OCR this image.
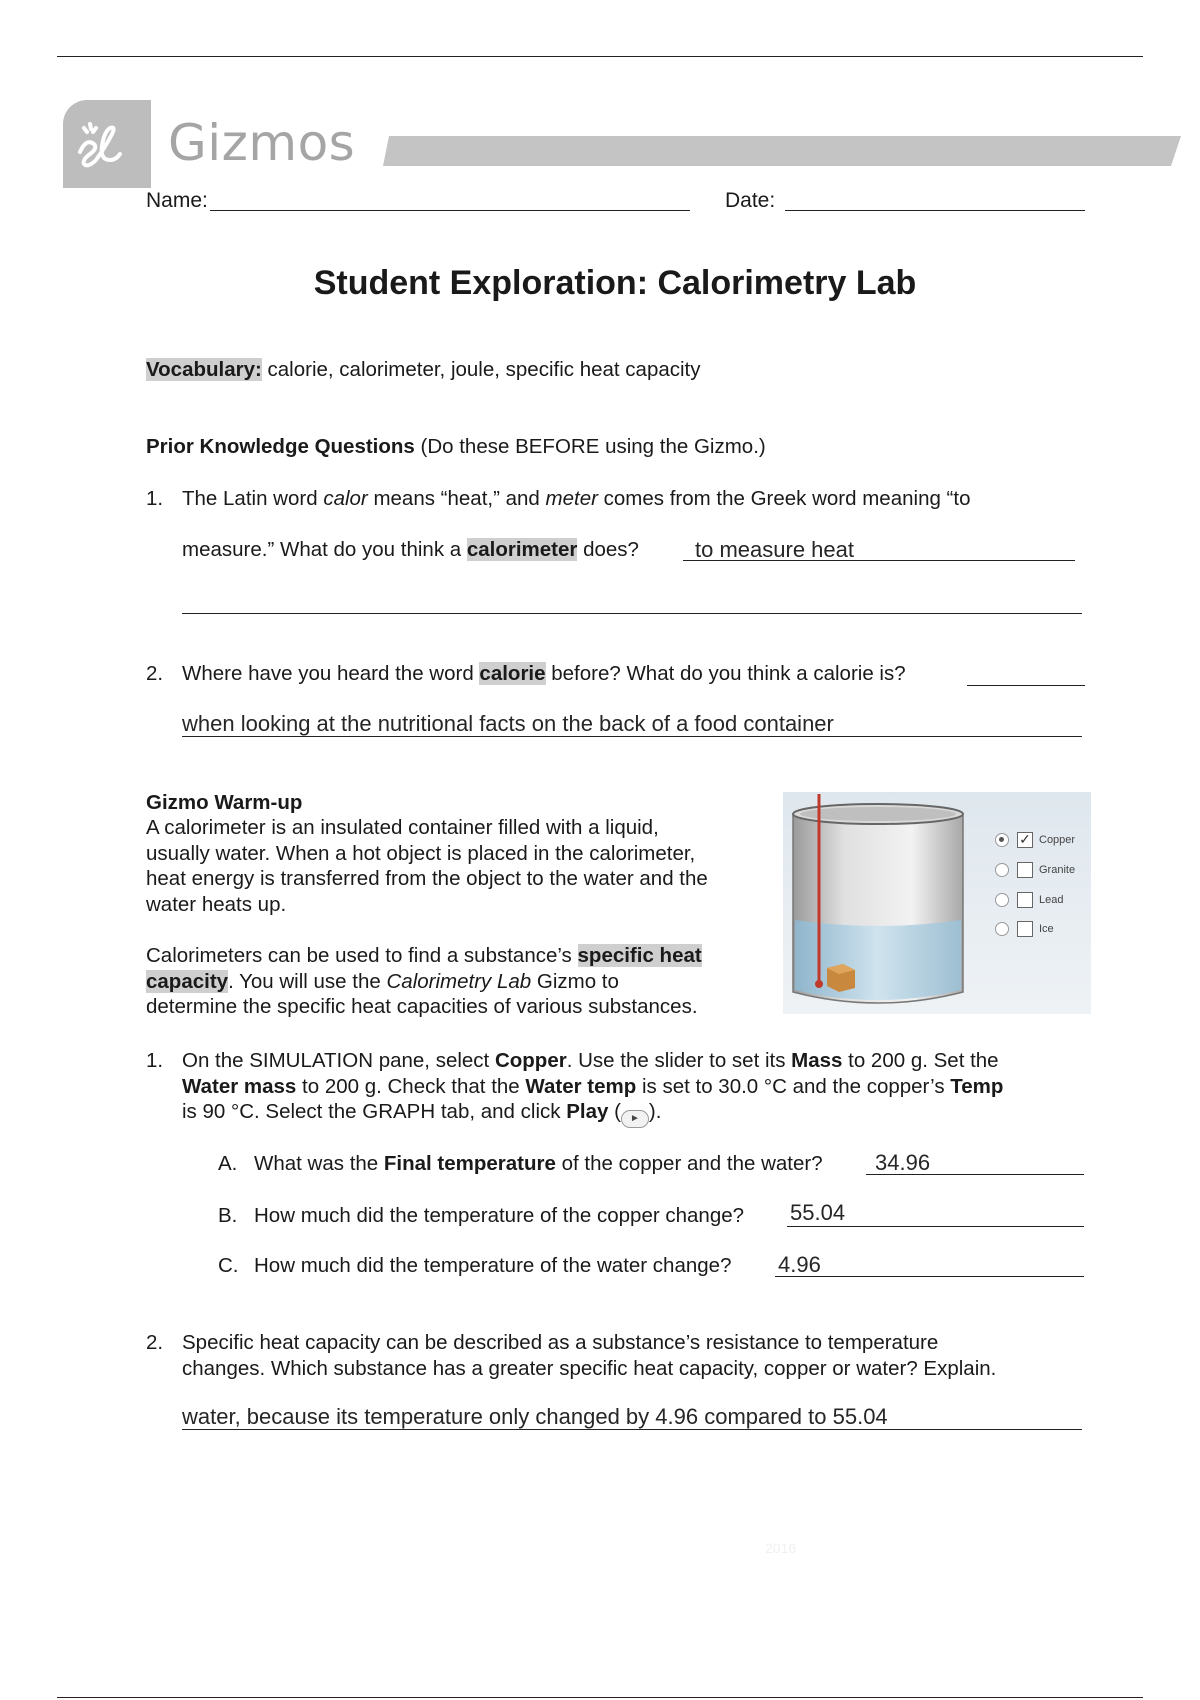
Gizmos
Name:	Date:
Student Exploration: Calorimetry Lab
Vocabulary: calorie, calorimeter, joule, specific heat capacity
Prior Knowledge Questions (Do these BEFORE using the Gizmo.)
1. The Latin word calor means “heat,” and meter comes from the Greek word meaning “to
measure.” What do you think a calorimeter does?	to measure heat
2. Where have you heard the word calorie before? What do you think a calorie is?
when looking at the nutritional facts on the back of a food container
Gizmo Warm-up
A calorimeter is an insulated container filled with a liquid,
usually water. When a hot object is placed in the calorimeter,
heat energy is transferred from the object to the water and the
water heats up.
Calorimeters can be used to find a substance’s specific heat
capacity. You will use the Calorimetry Lab Gizmo to
determine the specific heat capacities of various substances.
✓ Copper
Granite
Lead
Ice
1. On the SIMULATION pane, select Copper. Use the slider to set its Mass to 200 g. Set the
Water mass to 200 g. Check that the Water temp is set to 30.0 °C and the copper’s Temp
is 90 °C. Select the GRAPH tab, and click Play ( ► ).
A. What was the Final temperature of the copper and the water? 34.96
B. How much did the temperature of the copper change? 55.04
C. How much did the temperature of the water change? 4.96
2. Specific heat capacity can be described as a substance’s resistance to temperature
changes. Which substance has a greater specific heat capacity, copper or water? Explain.
water, because its temperature only changed by 4.96 compared to 55.04
2016
